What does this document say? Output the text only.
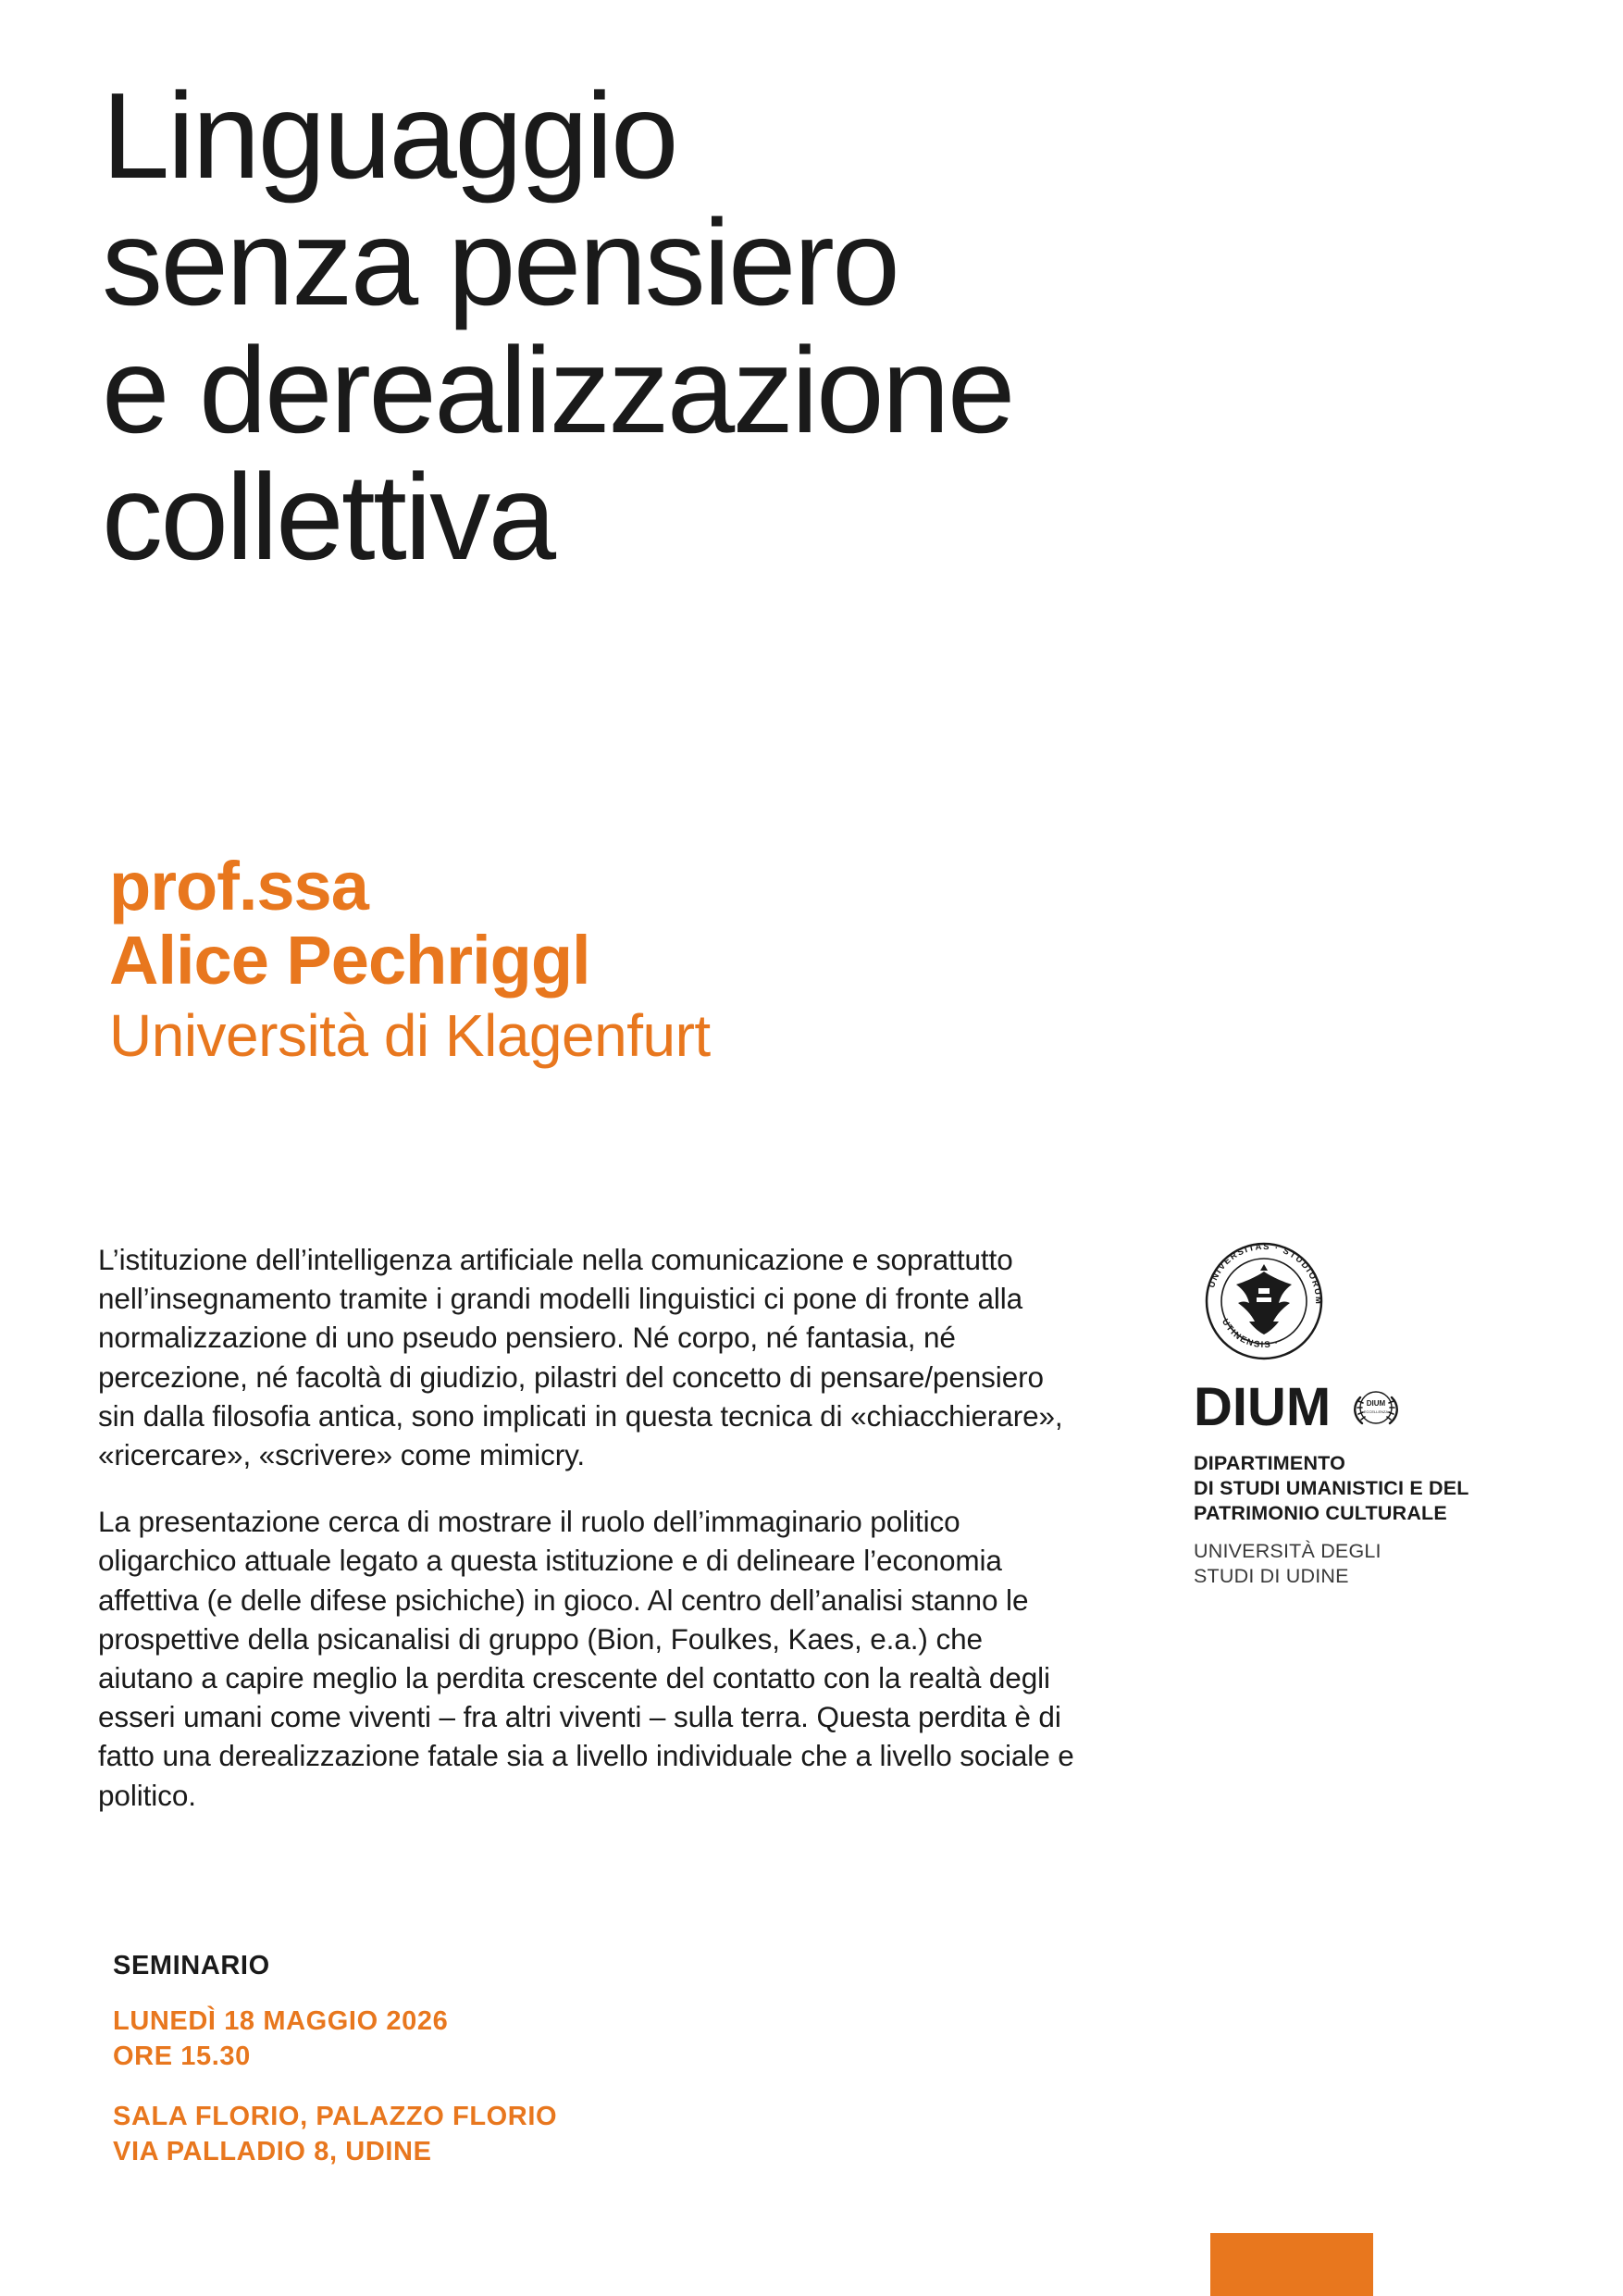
Linguaggio
senza pensiero
e derealizzazione
collettiva
prof.ssa
Alice Pechriggl
Università di Klagenfurt

L’istituzione dell’intelligenza artificiale nella comunicazione e soprattutto nell’insegnamento tramite i grandi modelli linguistici ci pone di fronte alla normalizzazione di uno pseudo pensiero. Né corpo, né fantasia, né percezione, né facoltà di giudizio, pilastri del concetto di pensare/pensiero sin dalla filosofia antica, sono implicati in questa tecnica di «chiacchierare», «ricercare», «scrivere» come mimicry.

La presentazione cerca di mostrare il ruolo dell’immaginario politico oligarchico attuale legato a questa istituzione e di delineare l’economia affettiva (e delle difese psichiche) in gioco. Al centro dell’analisi stanno le prospettive della psicanalisi di gruppo (Bion, Foulkes, Kaes, e.a.) che aiutano a capire meglio la perdita crescente del contatto con la realtà degli esseri umani come viventi – fra altri viventi – sulla terra. Questa perdita è di fatto una derealizzazione fatale sia a livello individuale che a livello sociale e politico.

UNIVERSITAS · STUDIORUM
UTINENSIS ·
DIUM	DIUM
ECCELLENZA
DIPARTIMENTO
DI STUDI UMANISTICI E DEL
PATRIMONIO CULTURALE
UNIVERSITÀ DEGLI
STUDI DI UDINE
SEMINARIO
LUNEDÌ 18 MAGGIO 2026
ORE 15.30
SALA FLORIO, PALAZZO FLORIO
VIA PALLADIO 8, UDINE
